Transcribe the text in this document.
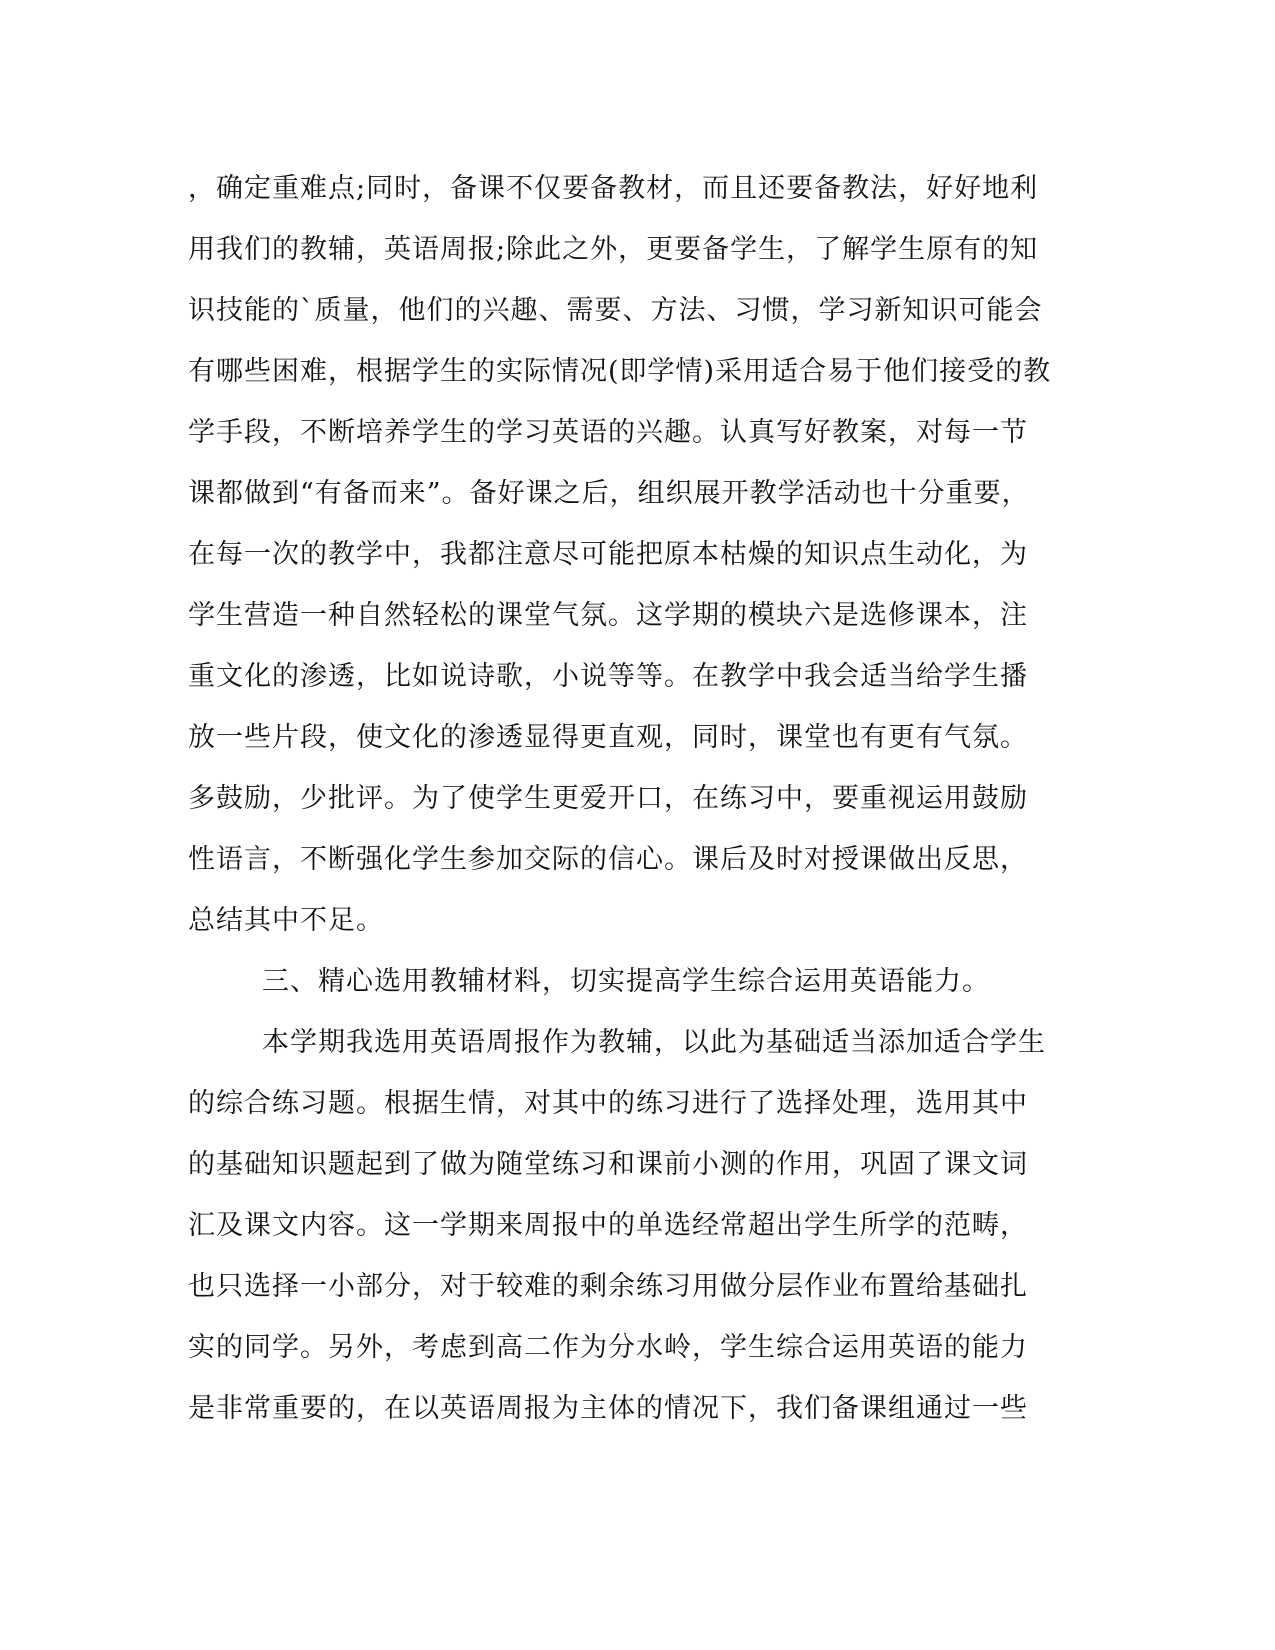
，确定重难点;同时，备课不仅要备教材，而且还要备教法，好好地利
用我们的教辅，英语周报;除此之外，更要备学生，了解学生原有的知
识技能的`质量，他们的兴趣、需要、方法、习惯，学习新知识可能会
有哪些困难，根据学生的实际情况(即学情)采用适合易于他们接受的教
学手段，不断培养学生的学习英语的兴趣。认真写好教案，对每一节
课都做到“有备而来”。备好课之后，组织展开教学活动也十分重要，
在每一次的教学中，我都注意尽可能把原本枯燥的知识点生动化，为
学生营造一种自然轻松的课堂气氛。这学期的模块六是选修课本，注
重文化的渗透，比如说诗歌，小说等等。在教学中我会适当给学生播
放一些片段，使文化的渗透显得更直观，同时，课堂也有更有气氛。
多鼓励，少批评。为了使学生更爱开口，在练习中，要重视运用鼓励
性语言，不断强化学生参加交际的信心。课后及时对授课做出反思，
总结其中不足。
三、精心选用教辅材料，切实提高学生综合运用英语能力。
本学期我选用英语周报作为教辅，以此为基础适当添加适合学生
的综合练习题。根据生情，对其中的练习进行了选择处理，选用其中
的基础知识题起到了做为随堂练习和课前小测的作用，巩固了课文词
汇及课文内容。这一学期来周报中的单选经常超出学生所学的范畴，
也只选择一小部分，对于较难的剩余练习用做分层作业布置给基础扎
实的同学。另外，考虑到高二作为分水岭，学生综合运用英语的能力
是非常重要的，在以英语周报为主体的情况下，我们备课组通过一些
